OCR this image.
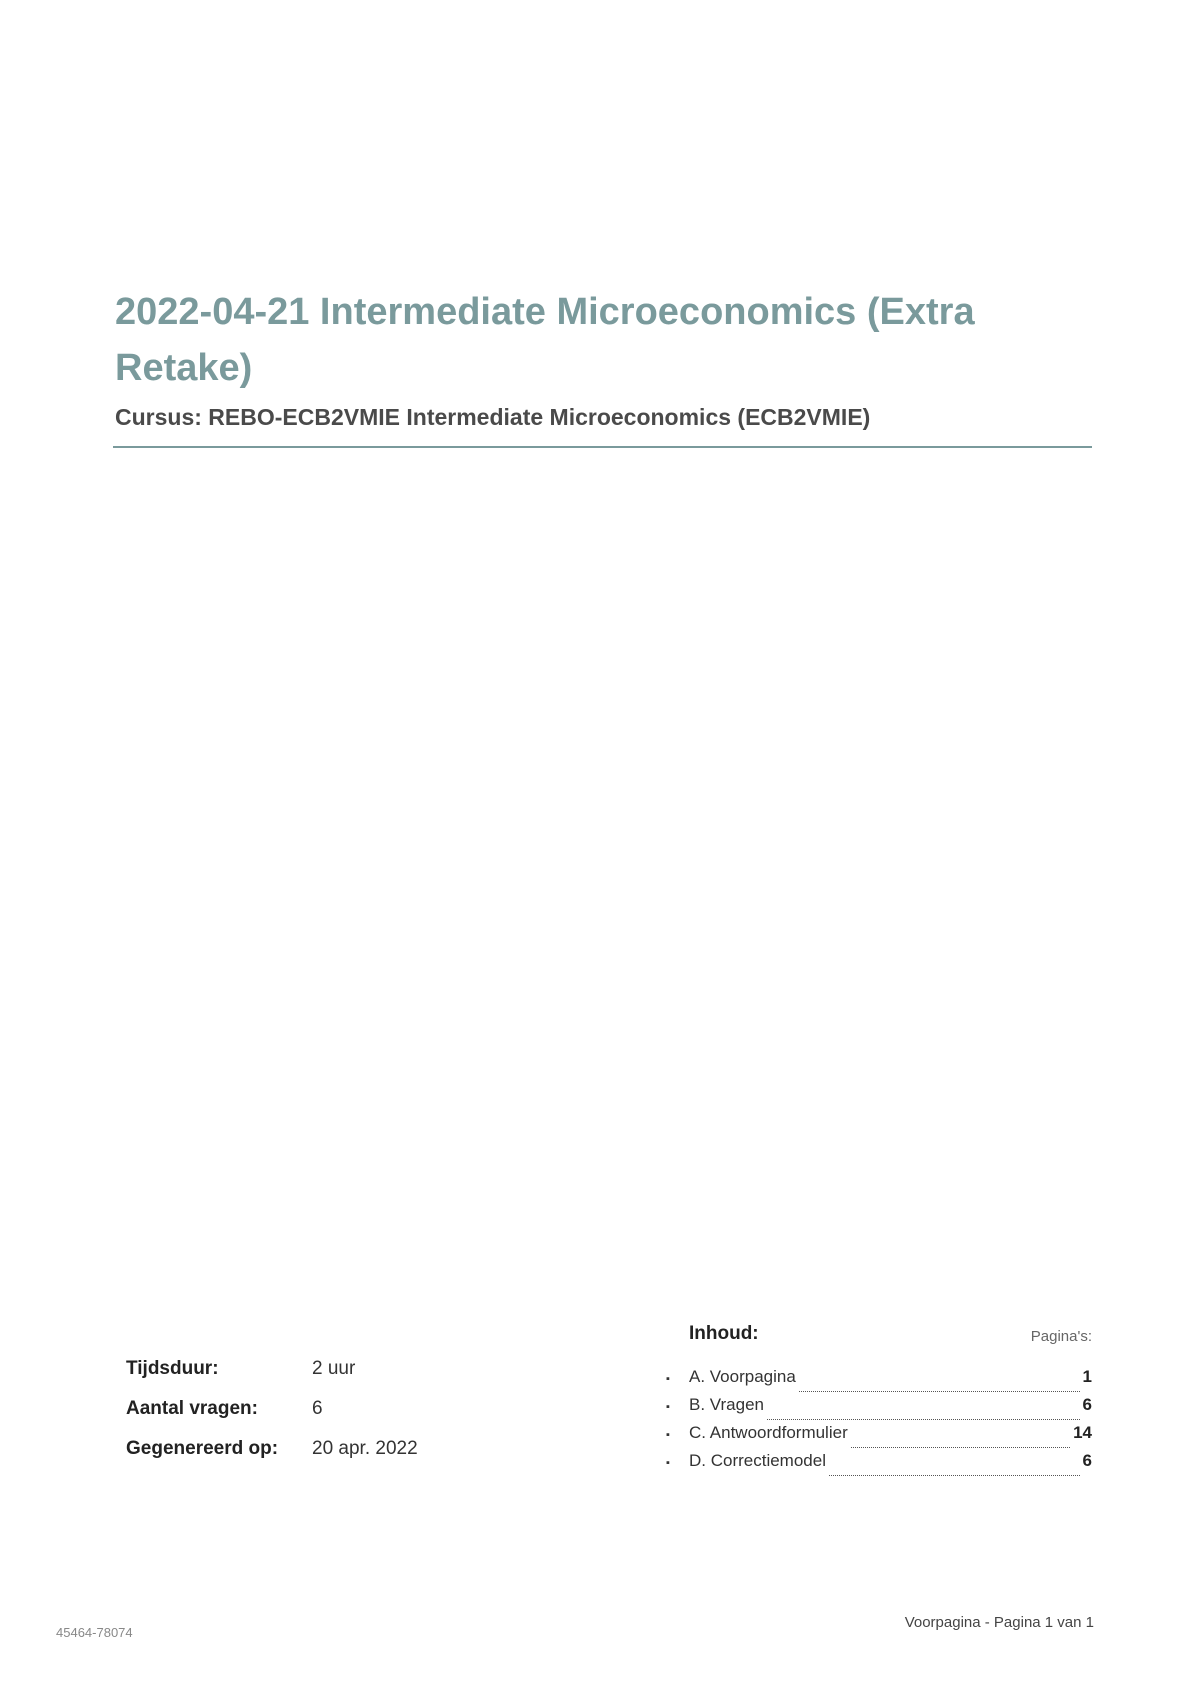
2022-04-21 Intermediate Microeconomics (Extra Retake)
Cursus: REBO-ECB2VMIE Intermediate Microeconomics (ECB2VMIE)
Tijdsduur:	2 uur
Aantal vragen:	6
Gegenereerd op:	20 apr. 2022
Inhoud:	Pagina's:
▪	A. Voorpagina	1
▪	B. Vragen	6
▪	C. Antwoordformulier	14
▪	D. Correctiemodel	6
45464-78074
Voorpagina - Pagina 1 van 1
